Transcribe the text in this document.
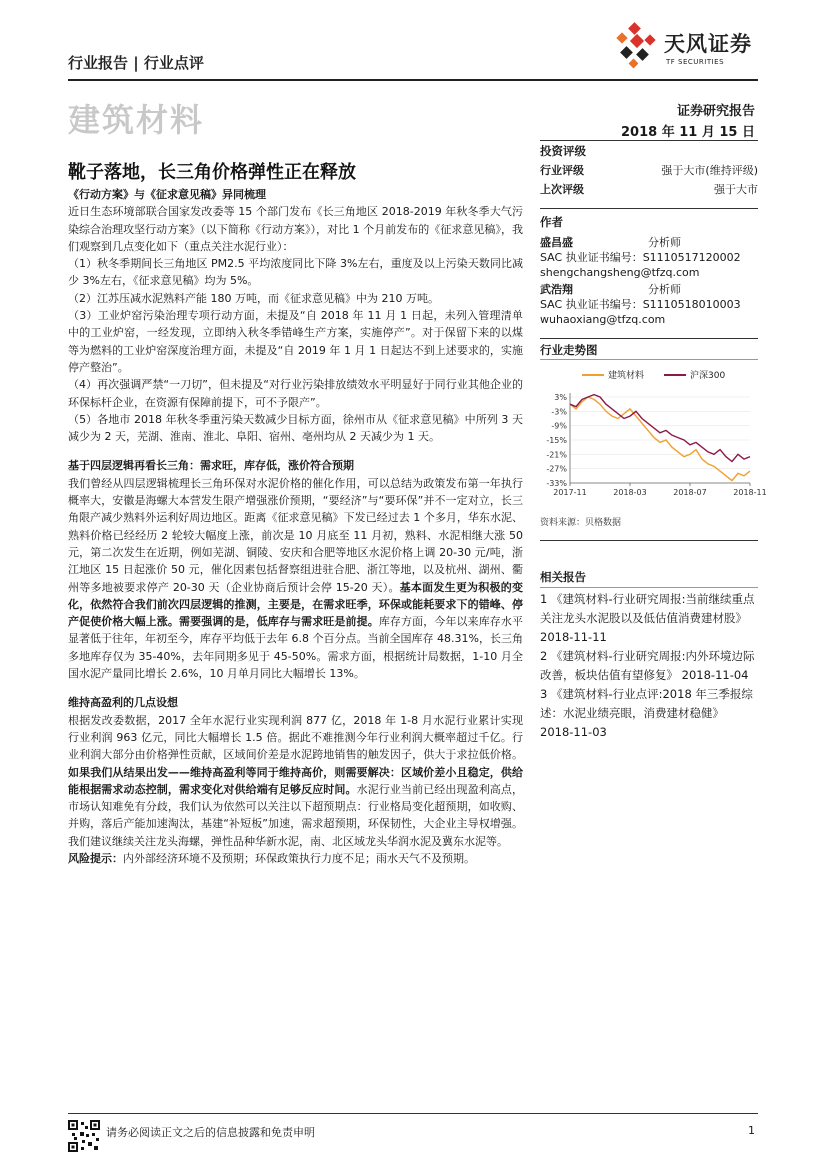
行业报告 | 行业点评
天风证券
TF SECURITIES
建筑材料	证券研究报告
2018 年 11 月 15 日
靴子落地，长三角价格弹性正在释放

《行动方案》与《征求意见稿》异同梳理

近日生态环境部联合国家发改委等 15 个部门发布《长三角地区 2018-2019 年秋冬季大气污染综合治理攻坚行动方案》（以下简称《行动方案》），对比 1 个月前发布的《征求意见稿》，我们观察到几点变化如下（重点关注水泥行业）：

（1）秋冬季期间长三角地区 PM2.5 平均浓度同比下降 3%左右，重度及以上污染天数同比减少 3%左右，《征求意见稿》均为 5%。

（2）江苏压减水泥熟料产能 180 万吨，而《征求意见稿》中为 210 万吨。

（3）工业炉窑污染治理专项行动方面，未提及“自 2018 年 11 月 1 日起，未列入管理清单中的工业炉窑，一经发现，立即纳入秋冬季错峰生产方案，实施停产”。对于保留下来的以煤等为燃料的工业炉窑深度治理方面，未提及“自 2019 年 1 月 1 日起达不到上述要求的，实施停产整治”。

（4）再次强调严禁“一刀切”，但未提及“对行业污染排放绩效水平明显好于同行业其他企业的环保标杆企业，在资源有保障前提下，可不予限产”。

（5）各地市 2018 年秋冬季重污染天数减少目标方面，徐州市从《征求意见稿》中所列 3 天减少为 2 天，芜湖、淮南、淮北、阜阳、宿州、亳州均从 2 天减少为 1 天。

基于四层逻辑再看长三角：需求旺，库存低，涨价符合预期

我们曾经从四层逻辑梳理长三角环保对水泥价格的催化作用，可以总结为政策发布第一年执行概率大，安徽是海螺大本营发生限产增强涨价预期，“要经济”与“要环保”并不一定对立，长三角限产减少熟料外运利好周边地区。距离《征求意见稿》下发已经过去 1 个多月，华东水泥、熟料价格已经经历 2 轮较大幅度上涨，前次是 10 月底至 11 月初，熟料、水泥相继大涨 50 元，第二次发生在近期，例如芜湖、铜陵、安庆和合肥等地区水泥价格上调 20-30 元/吨，浙江地区 15 日起涨价 50 元，催化因素包括督察组进驻合肥、浙江等地，以及杭州、湖州、衢州等多地被要求停产 20-30 天（企业协商后预计会停 15-20 天）。基本面发生更为积极的变化，依然符合我们前次四层逻辑的推测，主要是，在需求旺季，环保或能耗要求下的错峰、停产促使价格大幅上涨。需要强调的是，低库存与需求旺是前提。库存方面，今年以来库存水平显著低于往年，年初至今，库存平均低于去年 6.8 个百分点。当前全国库存 48.31%，长三角多地库存仅为 35-40%，去年同期多见于 45-50%。需求方面，根据统计局数据，1-10 月全国水泥产量同比增长 2.6%，10 月单月同比大幅增长 13%。

维持高盈利的几点设想

根据发改委数据，2017 全年水泥行业实现利润 877 亿，2018 年 1-8 月水泥行业累计实现行业利润 963 亿元，同比大幅增长 1.5 倍。据此不难推测今年行业利润大概率超过千亿。行业利润大部分由价格弹性贡献，区域间价差是水泥跨地销售的触发因子，供大于求拉低价格。如果我们从结果出发——维持高盈利等同于维持高价，则需要解决：区域价差小且稳定，供给能根据需求动态控制，需求变化对供给端有足够反应时间。水泥行业当前已经出现盈利高点，市场认知难免有分歧，我们认为依然可以关注以下超预期点：行业格局变化超预期，如收购、并购，落后产能加速淘汰，基建“补短板”加速，需求超预期，环保韧性，大企业主导权增强。我们建议继续关注龙头海螺，弹性品种华新水泥，南、北区域龙头华润水泥及冀东水泥等。

风险提示：内外部经济环境不及预期；环保政策执行力度不足；雨水天气不及预期。

投资评级
行业评级	强于大市(维持评级)
上次评级	强于大市
作者
盛昌盛	分析师
SAC 执业证书编号：S1110517120002
shengchangsheng@tfzq.com
武浩翔	分析师
SAC 执业证书编号：S1110518010003
wuhaoxiang@tfzq.com
行业走势图
建筑材料	沪深300
3%
-3%
-9%
-15%
-21%
-27%
-33%
2017-11	2018-03	2018-07	2018-11
资料来源：贝格数据
相关报告

1 《建筑材料-行业研究周报:当前继续重点关注龙头水泥股以及低估值消费建材股》 2018-11-11

2 《建筑材料-行业研究周报:内外环境边际改善，板块估值有望修复》 2018-11-04

3 《建筑材料-行业点评:2018 年三季报综述：水泥业绩亮眼，消费建材稳健》 2018-11-03

请务必阅读正文之后的信息披露和免责申明	1
